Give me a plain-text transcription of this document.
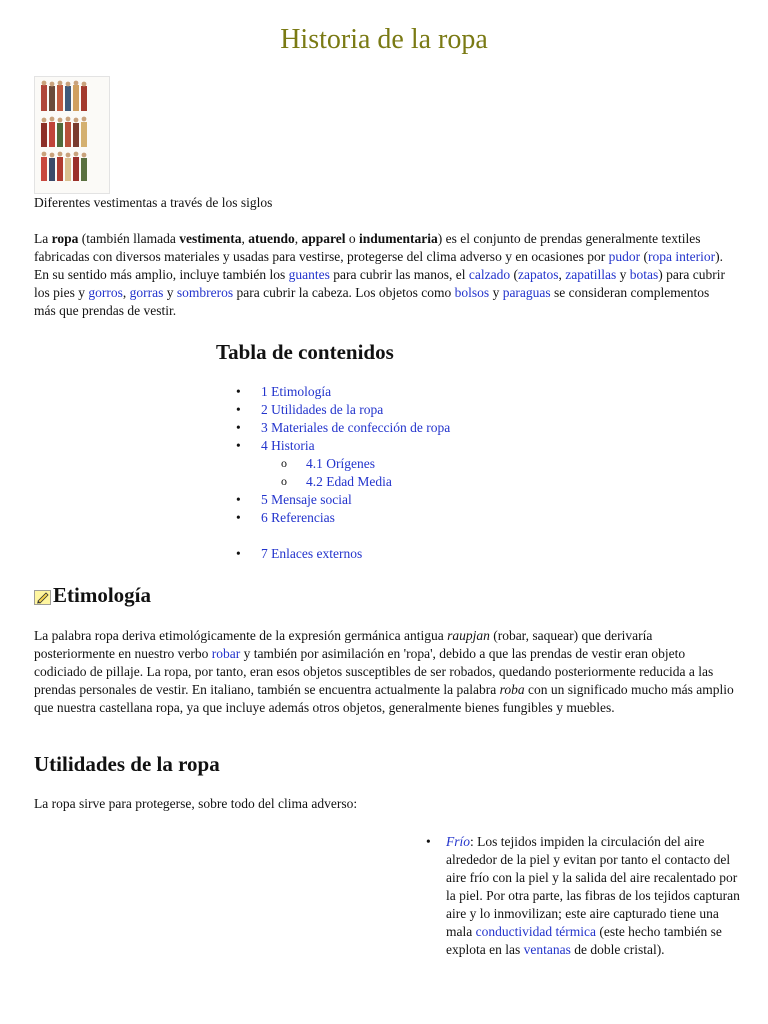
Historia de la ropa
Diferentes vestimentas a través de los siglos
La ropa (también llamada vestimenta, atuendo, apparel o indumentaria) es el conjunto de prendas generalmente textiles fabricadas con diversos materiales y usadas para vestirse, protegerse del clima adverso y en ocasiones por pudor (ropa interior). En su sentido más amplio, incluye también los guantes para cubrir las manos, el calzado (zapatos, zapatillas y botas) para cubrir los pies y gorros, gorras y sombreros para cubrir la cabeza. Los objetos como bolsos y paraguas se consideran complementos más que prendas de vestir.
Tabla de contenidos
• 1 Etimología
• 2 Utilidades de la ropa
• 3 Materiales de confección de ropa
• 4 Historia
o 4.1 Orígenes
o 4.2 Edad Media
• 5 Mensaje social
• 6 Referencias
• 7 Enlaces externos
Etimología
La palabra ropa deriva etimológicamente de la expresión germánica antigua raupjan (robar, saquear) que derivaría posteriormente en nuestro verbo robar y también por asimilación en 'ropa', debido a que las prendas de vestir eran objeto codiciado de pillaje. La ropa, por tanto, eran esos objetos susceptibles de ser robados, quedando posteriormente reducida a las prendas personales de vestir. En italiano, también se encuentra actualmente la palabra roba con un significado mucho más amplio que nuestra castellana ropa, ya que incluye además otros objetos, generalmente bienes fungibles y muebles.
Utilidades de la ropa
La ropa sirve para protegerse, sobre todo del clima adverso:
• Frío: Los tejidos impiden la circulación del aire alrededor de la piel y evitan por tanto el contacto del aire frío con la piel y la salida del aire recalentado por la piel. Por otra parte, las fibras de los tejidos capturan aire y lo inmovilizan; este aire capturado tiene una mala conductividad térmica (este hecho también se explota en las ventanas de doble cristal).
